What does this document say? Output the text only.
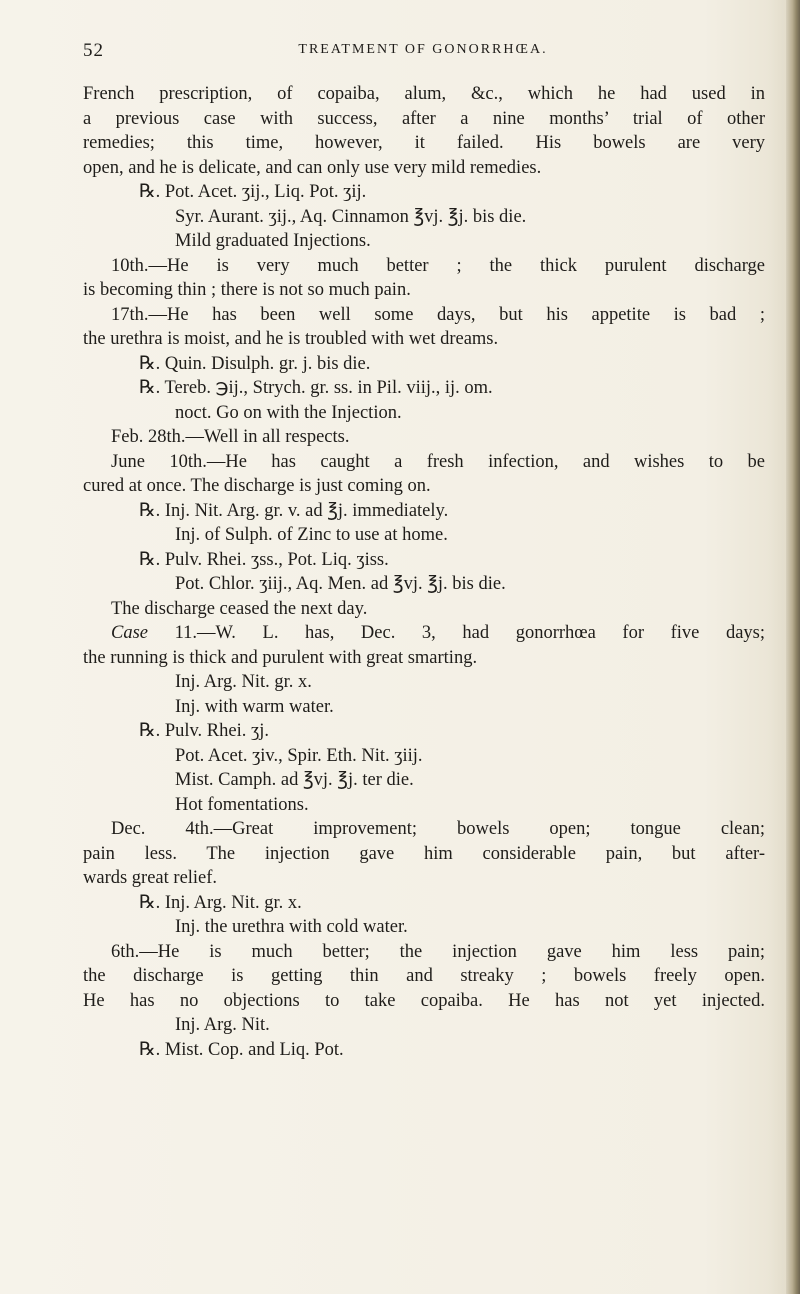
52	TREATMENT OF GONORRHŒA.
French prescription, of copaiba, alum, &c., which he had used in
a previous case with success, after a nine months’ trial of other
remedies; this time, however, it failed. His bowels are very
open, and he is delicate, and can only use very mild remedies.
℞. Pot. Acet. ʒij., Liq. Pot. ʒij.
Syr. Aurant. ʒij., Aq. Cinnamon ℥vj. ℥j. bis die.
Mild graduated Injections.
10th.—He is very much better ; the thick purulent discharge
is becoming thin ; there is not so much pain.
17th.—He has been well some days, but his appetite is bad ;
the urethra is moist, and he is troubled with wet dreams.
℞. Quin. Disulph. gr. j. bis die.
℞. Tereb. ℈ij., Strych. gr. ss. in Pil. viij., ij. om.
noct. Go on with the Injection.
Feb. 28th.—Well in all respects.
June 10th.—He has caught a fresh infection, and wishes to be
cured at once. The discharge is just coming on.
℞. Inj. Nit. Arg. gr. v. ad ℥j. immediately.
Inj. of Sulph. of Zinc to use at home.
℞. Pulv. Rhei. ʒss., Pot. Liq. ʒiss.
Pot. Chlor. ʒiij., Aq. Men. ad ℥vj. ℥j. bis die.
The discharge ceased the next day.
Case 11.—W. L. has, Dec. 3, had gonorrhœa for five days;
the running is thick and purulent with great smarting.
Inj. Arg. Nit. gr. x.
Inj. with warm water.
℞. Pulv. Rhei. ʒj.
Pot. Acet. ʒiv., Spir. Eth. Nit. ʒiij.
Mist. Camph. ad ℥vj. ℥j. ter die.
Hot fomentations.
Dec. 4th.—Great improvement; bowels open; tongue clean;
pain less. The injection gave him considerable pain, but after-
wards great relief.
℞. Inj. Arg. Nit. gr. x.
Inj. the urethra with cold water.
6th.—He is much better; the injection gave him less pain;
the discharge is getting thin and streaky ; bowels freely open.
He has no objections to take copaiba. He has not yet injected.
Inj. Arg. Nit.
℞. Mist. Cop. and Liq. Pot.
